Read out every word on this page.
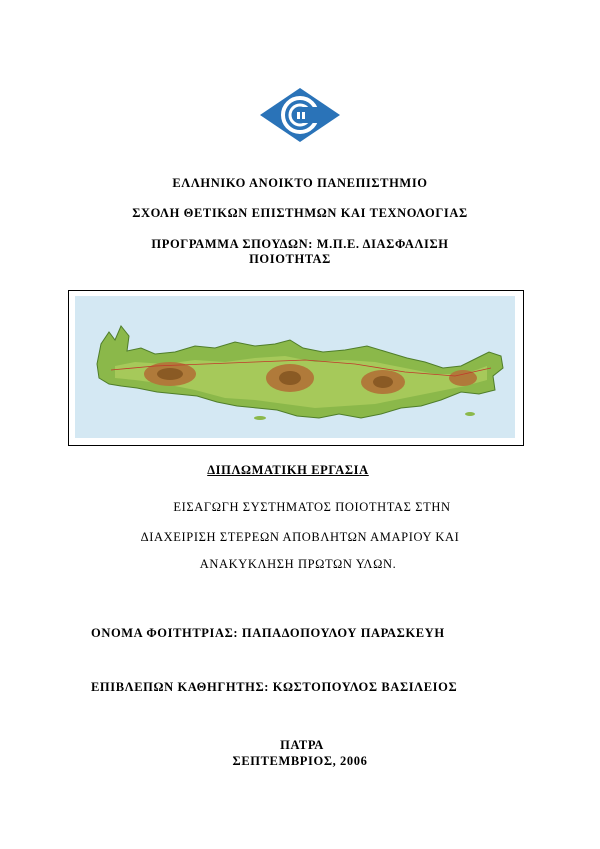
ΕΛΛΗΝΙΚΟ ΑΝΟΙΚΤΟ ΠΑΝΕΠΙΣΤΗΜΙΟ
ΣΧΟΛΗ ΘΕΤΙΚΩΝ ΕΠΙΣΤΗΜΩΝ ΚΑΙ ΤΕΧΝΟΛΟΓΙΑΣ
ΠΡΟΓΡΑΜΜΑ ΣΠΟΥΔΩΝ: Μ.Π.Ε. ΔΙΑΣΦΑΛΙΣΗ
ΠΟΙΟΤΗΤΑΣ
ΔΙΠΛΩΜΑΤΙΚΗ ΕΡΓΑΣΙΑ
ΕΙΣΑΓΩΓΗ ΣΥΣΤΗΜΑΤΟΣ ΠΟΙΟΤΗΤΑΣ ΣΤΗΝ
ΔΙΑΧΕΙΡΙΣΗ ΣΤΕΡΕΩΝ ΑΠΟΒΛΗΤΩΝ ΑΜΑΡΙΟΥ ΚΑΙ
ΑΝΑΚΥΚΛΗΣΗ ΠΡΩΤΩΝ ΥΛΩΝ.
ΟΝΟΜΑ ΦΟΙΤΗΤΡΙΑΣ: ΠΑΠΑΔΟΠΟΥΛΟΥ ΠΑΡΑΣΚΕΥΗ
ΕΠΙΒΛΕΠΩΝ ΚΑΘΗΓΗΤΗΣ: ΚΩΣΤΟΠΟΥΛΟΣ ΒΑΣΙΛΕΙΟΣ
ΠΑΤΡΑ
ΣΕΠΤΕΜΒΡΙΟΣ, 2006
